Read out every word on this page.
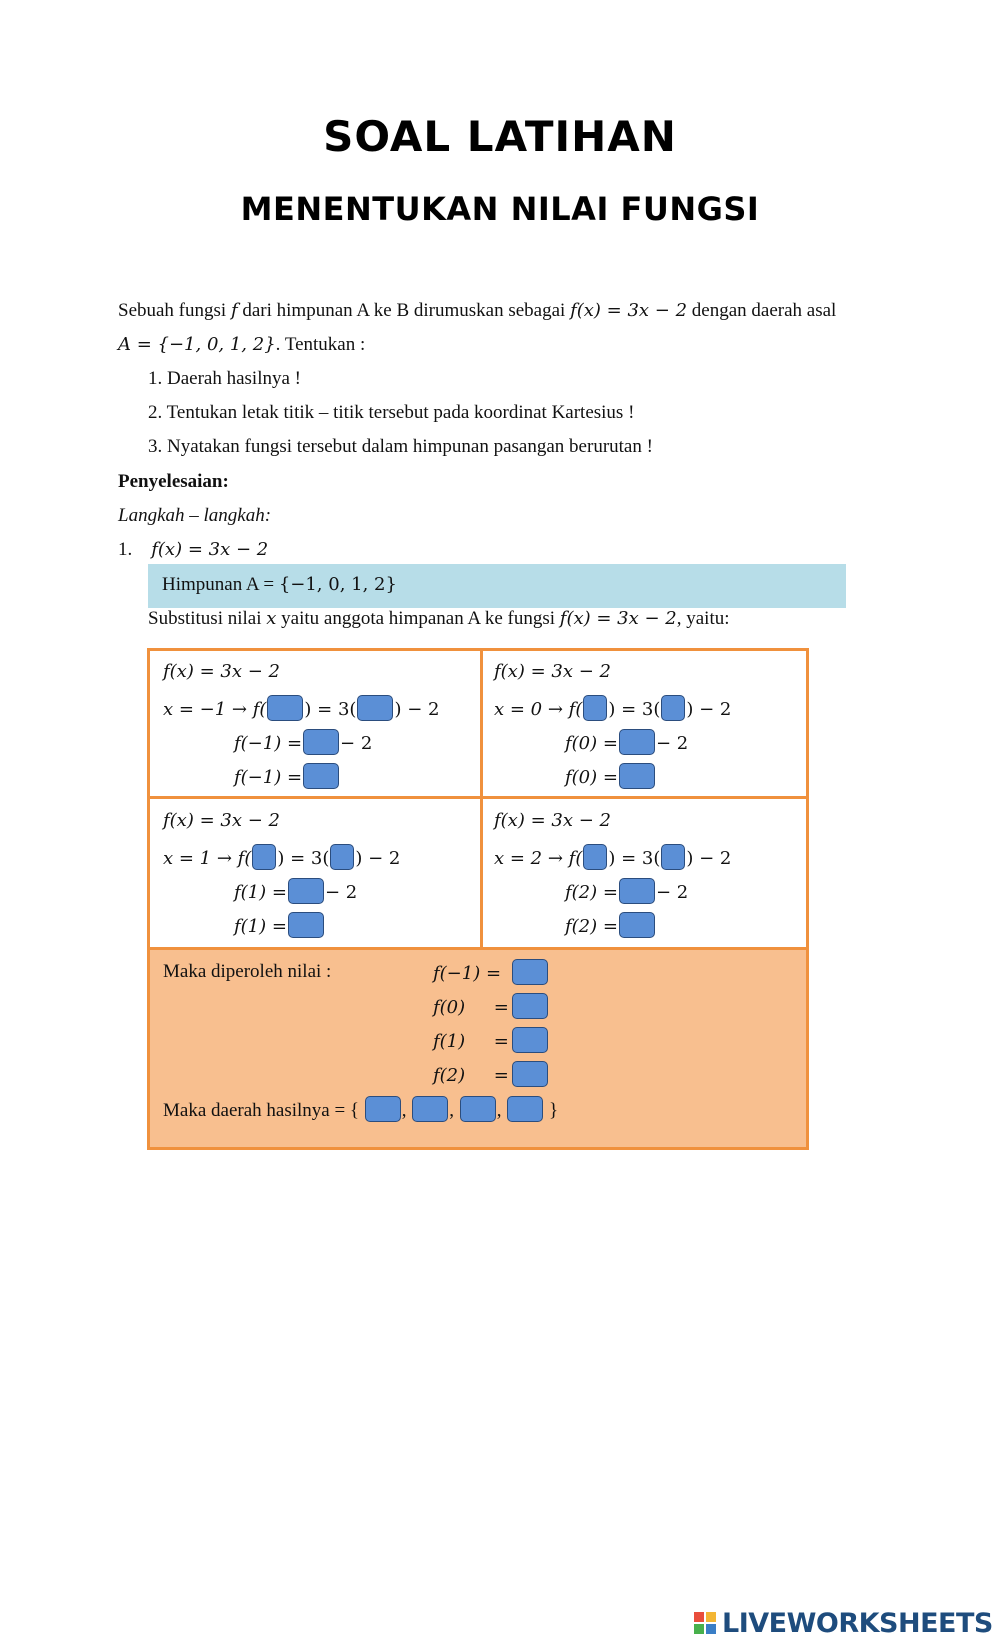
SOAL LATIHAN
MENENTUKAN NILAI FUNGSI
Sebuah fungsi f dari himpunan A ke B dirumuskan sebagai f(x) = 3x − 2 dengan daerah asal
A = {−1, 0, 1, 2}. Tentukan :
1. Daerah hasilnya !
2. Tentukan letak titik – titik tersebut pada koordinat Kartesius !
3. Nyatakan fungsi tersebut dalam himpunan pasangan berurutan !
Penyelesaian:
Langkah – langkah:
1. f(x) = 3x − 2
Himpunan A = {−1, 0, 1, 2}
Substitusi nilai x yaitu anggota himpanan A ke fungsi f(x) = 3x − 2, yaitu:
f(x) = 3x − 2
x = −1 → f( ) = 3( ) − 2
f(−1) = − 2
f(−1) =
f(x) = 3x − 2
x = 0 → f( ) = 3( ) − 2
f(0) = − 2
f(0) =
f(x) = 3x − 2
x = 1 → f( ) = 3( ) − 2
f(1) = − 2
f(1) =
f(x) = 3x − 2
x = 2 → f( ) = 3( ) − 2
f(2) = − 2
f(2) =
Maka diperoleh nilai :	f(−1) =
f(0)     =
f(1)     =
f(2)     =
Maka daerah hasilnya = { , , ,	}
LIVEWORKSHEETS
